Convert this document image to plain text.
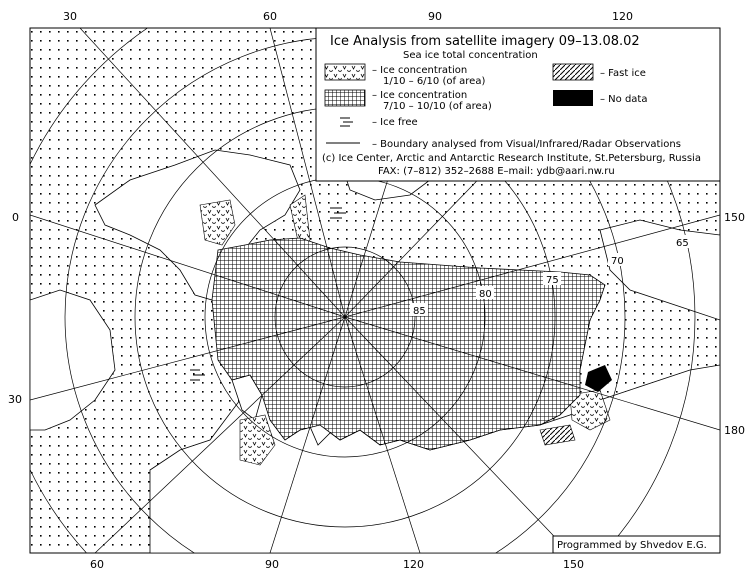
85
80
75
70
65
30	60	90	120
60	90	120	150
0
30
150
180
Ice Analysis from satellite imagery 09–13.08.02
Sea ice total concentration
– Ice concentration
1/10 – 6/10 (of area)
– Ice concentration
7/10 – 10/10 (of area)
– Ice free
– Fast ice
– No data
– Boundary analysed from Visual/Infrared/Radar Observations
(c) Ice Center, Arctic and Antarctic Research Institute, St.Petersburg, Russia
FAX: (7–812) 352–2688 E–mail: ydb@aari.nw.ru
Programmed by Shvedov E.G.
